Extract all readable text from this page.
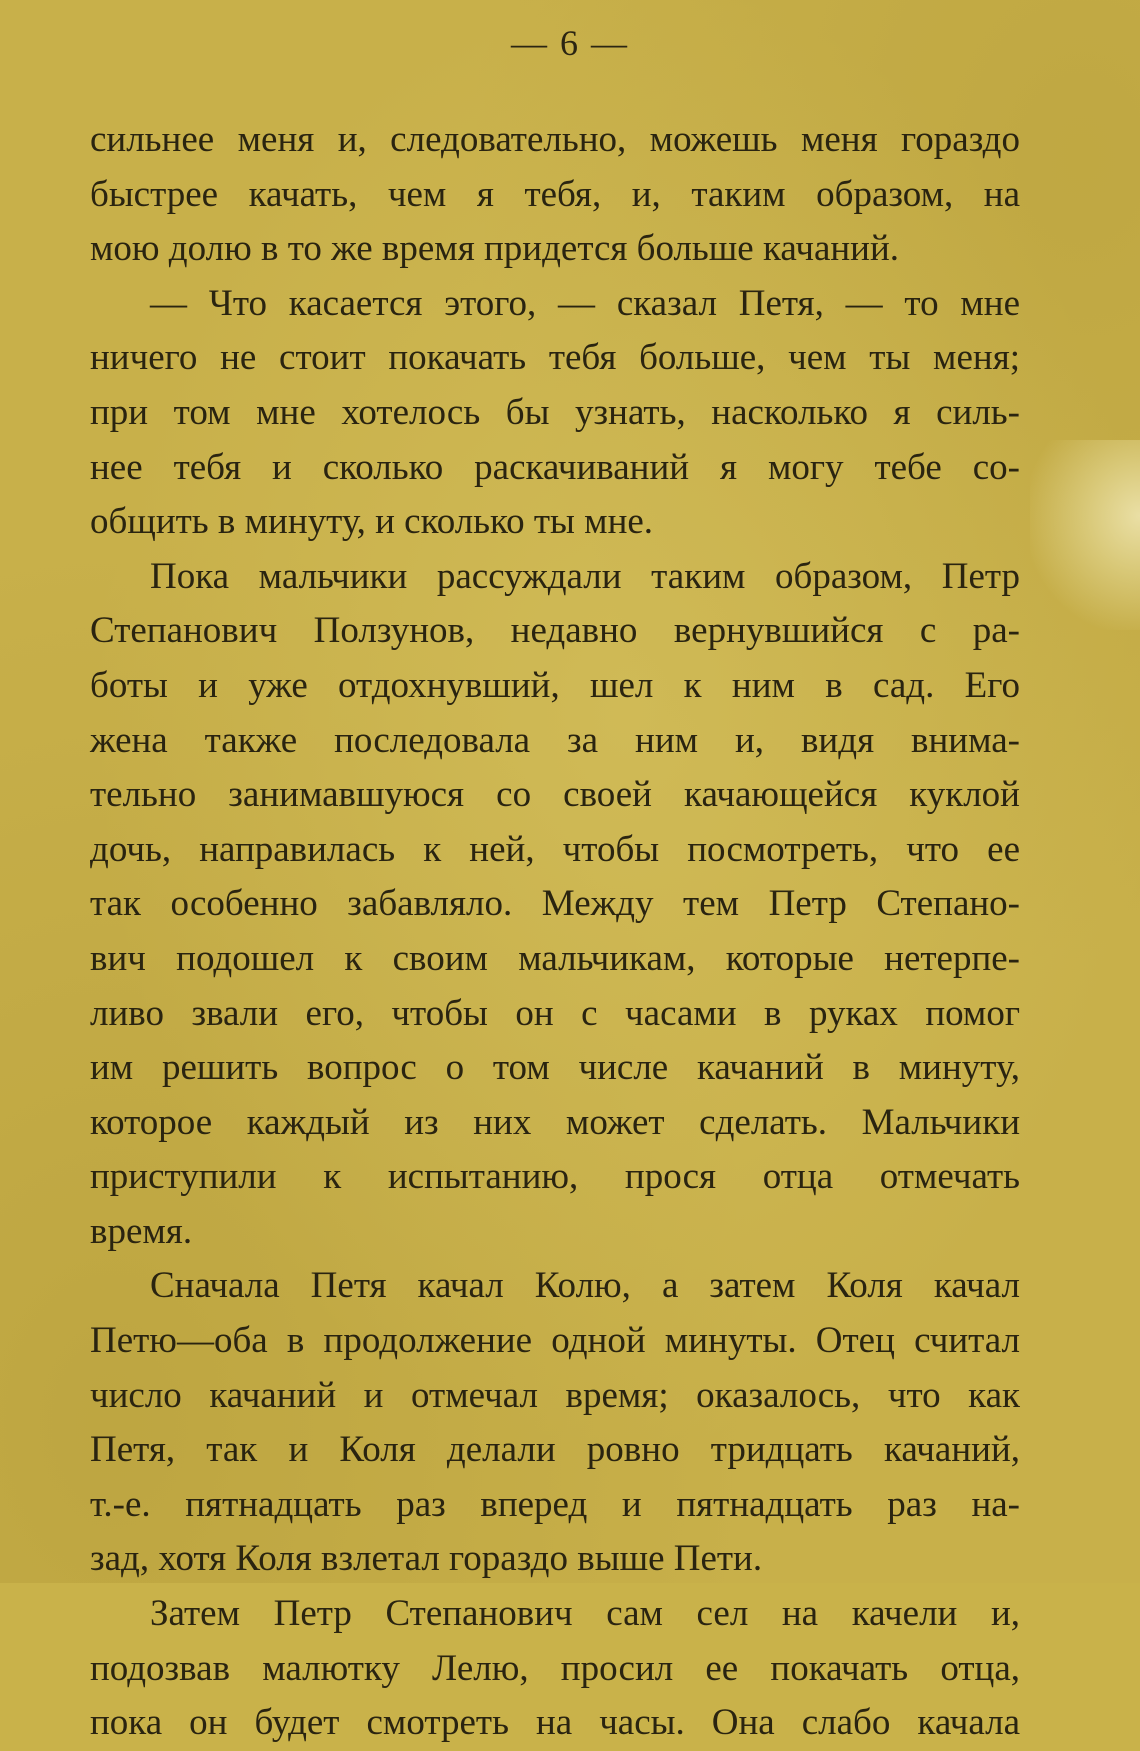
— 6 —
сильнее меня и, следовательно, можешь меня гораздо
быстрее качать, чем я тебя, и, таким образом, на
мою долю в то же время придется больше качаний.
— Что касается этого, — сказал Петя, — то мне
ничего не стоит покачать тебя больше, чем ты меня;
при том мне хотелось бы узнать, насколько я силь-
нее тебя и сколько раскачиваний я могу тебе со-
общить в минуту, и сколько ты мне.
Пока мальчики рассуждали таким образом, Петр
Степанович Ползунов, недавно вернувшийся с ра-
боты и уже отдохнувший, шел к ним в сад. Его
жена также последовала за ним и, видя внима-
тельно занимавшуюся со своей качающейся куклой
дочь, направилась к ней, чтобы посмотреть, что ее
так особенно забавляло. Между тем Петр Степано-
вич подошел к своим мальчикам, которые нетерпе-
ливо звали его, чтобы он с часами в руках помог
им решить вопрос о том числе качаний в минуту,
которое каждый из них может сделать. Мальчики
приступили к испытанию, прося отца отмечать
время.
Сначала Петя качал Колю, а затем Коля качал
Петю—оба в продолжение одной минуты. Отец считал
число качаний и отмечал время; оказалось, что как
Петя, так и Коля делали ровно тридцать качаний,
т.-е. пятнадцать раз вперед и пятнадцать раз на-
зад, хотя Коля взлетал гораздо выше Пети.
Затем Петр Степанович сам сел на качели и,
подозвав малютку Лелю, просил ее покачать отца,
пока он будет смотреть на часы. Она слабо качала
